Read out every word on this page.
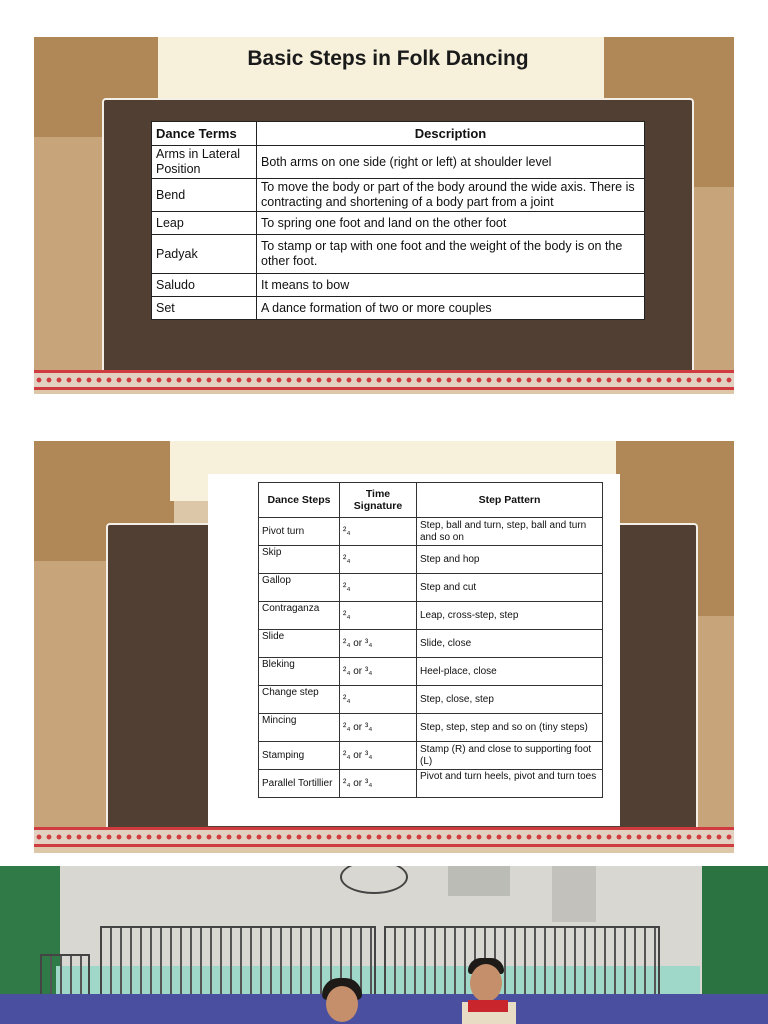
Basic Steps in Folk Dancing
Dance Terms	Description
Arms in Lateral Position	Both arms on one side (right or left) at shoulder level
Bend	To move the body or part of the body around the wide axis. There is contracting and shortening of a body part from a joint
Leap	To spring one foot and land on the other foot
Padyak	To stamp or tap with one foot and the weight of the body is on the other foot.
Saludo	It means to bow
Set	A dance formation of two or more couples
Dance Steps	Time Signature	Step Pattern
Pivot turn	²₄	Step, ball and turn, step, ball and turn and so on
Skip	²₄	Step and hop
Gallop	²₄	Step and cut
Contraganza	²₄	Leap, cross-step, step
Slide	²₄ or ³₄	Slide, close
Bleking	²₄ or ³₄	Heel-place, close
Change step	²₄	Step, close, step
Mincing	²₄ or ³₄	Step, step, step and so on (tiny steps)
Stamping	²₄ or ³₄	Stamp (R) and close to supporting foot (L)
Parallel Tortillier	²₄ or ³₄	Pivot and turn heels, pivot and turn toes
